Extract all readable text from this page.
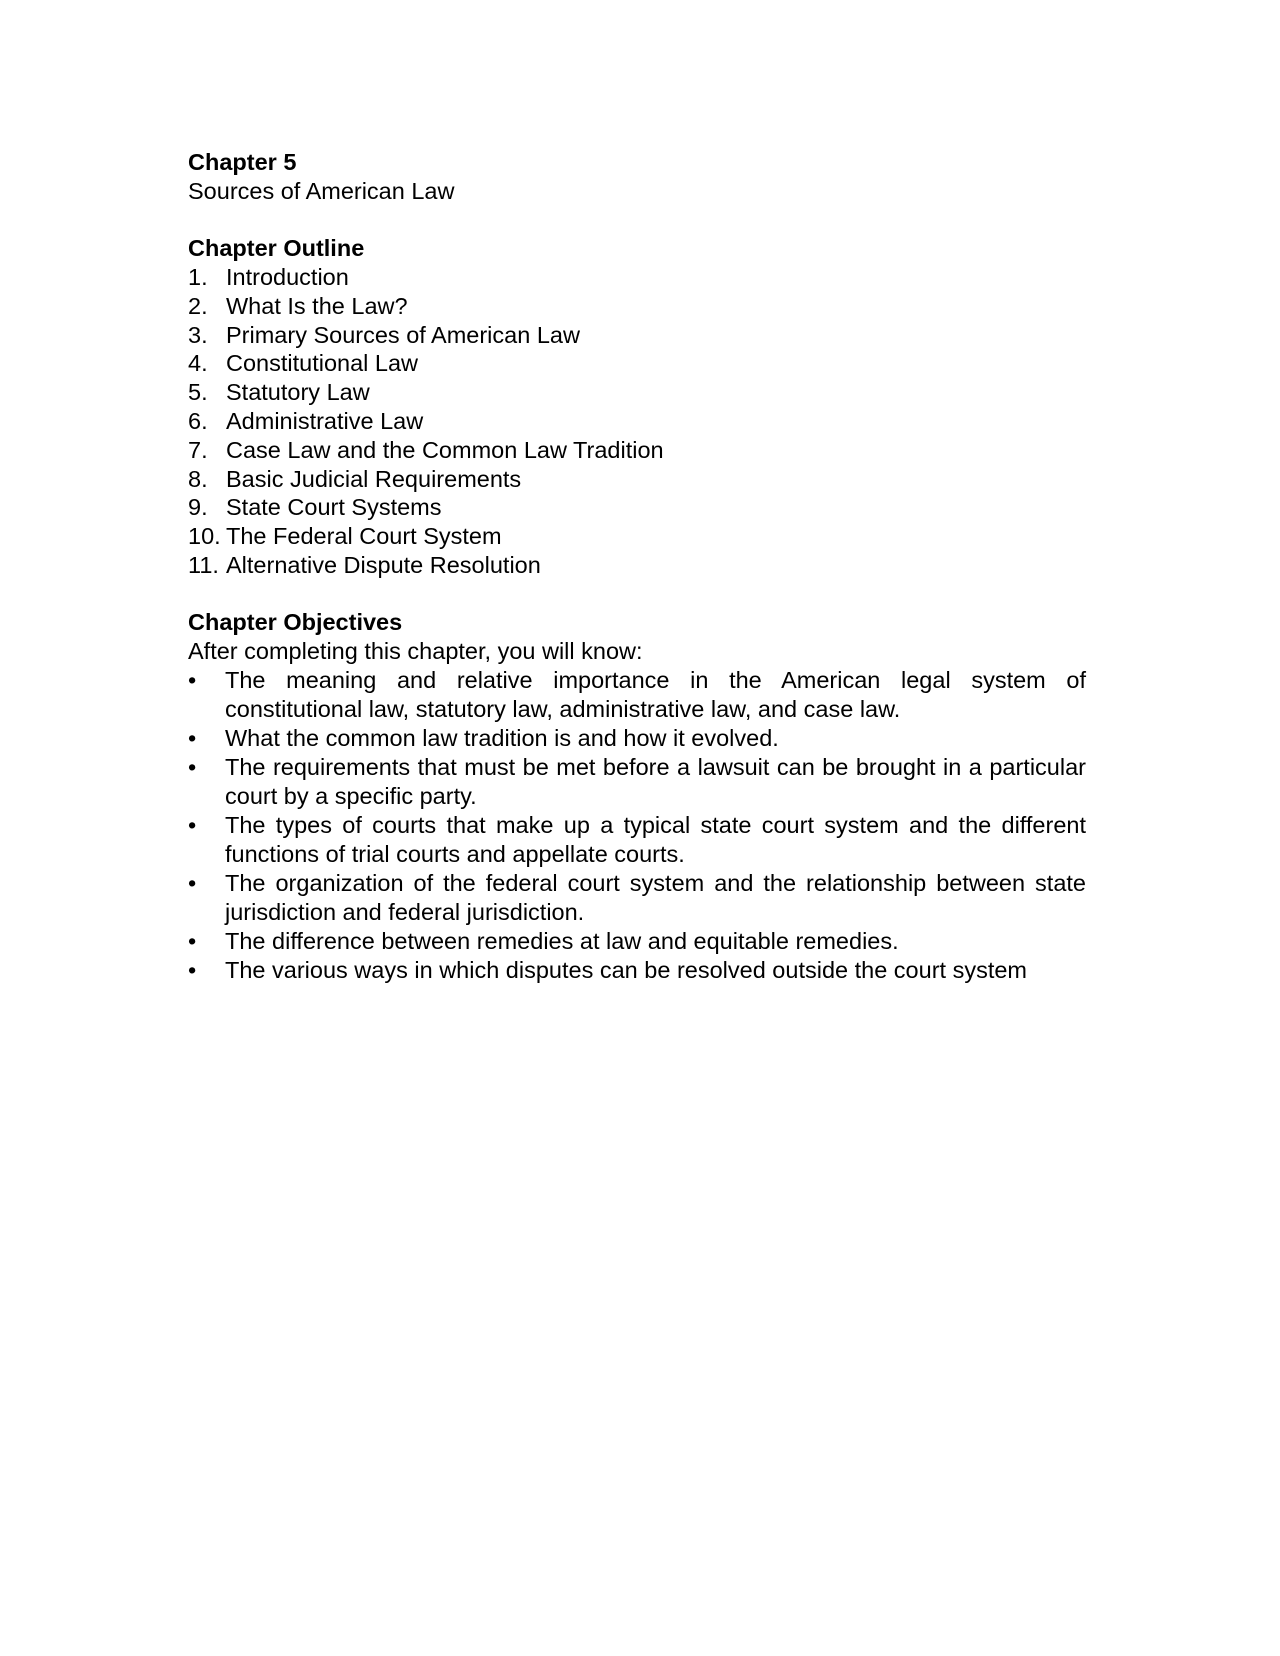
Chapter 5
Sources of American Law
Chapter Outline
1. Introduction
2. What Is the Law?
3. Primary Sources of American Law
4. Constitutional Law
5. Statutory Law
6. Administrative Law
7. Case Law and the Common Law Tradition
8. Basic Judicial Requirements
9. State Court Systems
10. The Federal Court System
11. Alternative Dispute Resolution
Chapter Objectives
After completing this chapter, you will know:
• The meaning and relative importance in the American legal system of constitutional law, statutory law, administrative law, and case law.
• What the common law tradition is and how it evolved.
• The requirements that must be met before a lawsuit can be brought in a particular court by a specific party.
• The types of courts that make up a typical state court system and the different functions of trial courts and appellate courts.
• The organization of the federal court system and the relationship between state jurisdiction and federal jurisdiction.
• The difference between remedies at law and equitable remedies.
• The various ways in which disputes can be resolved outside the court system
